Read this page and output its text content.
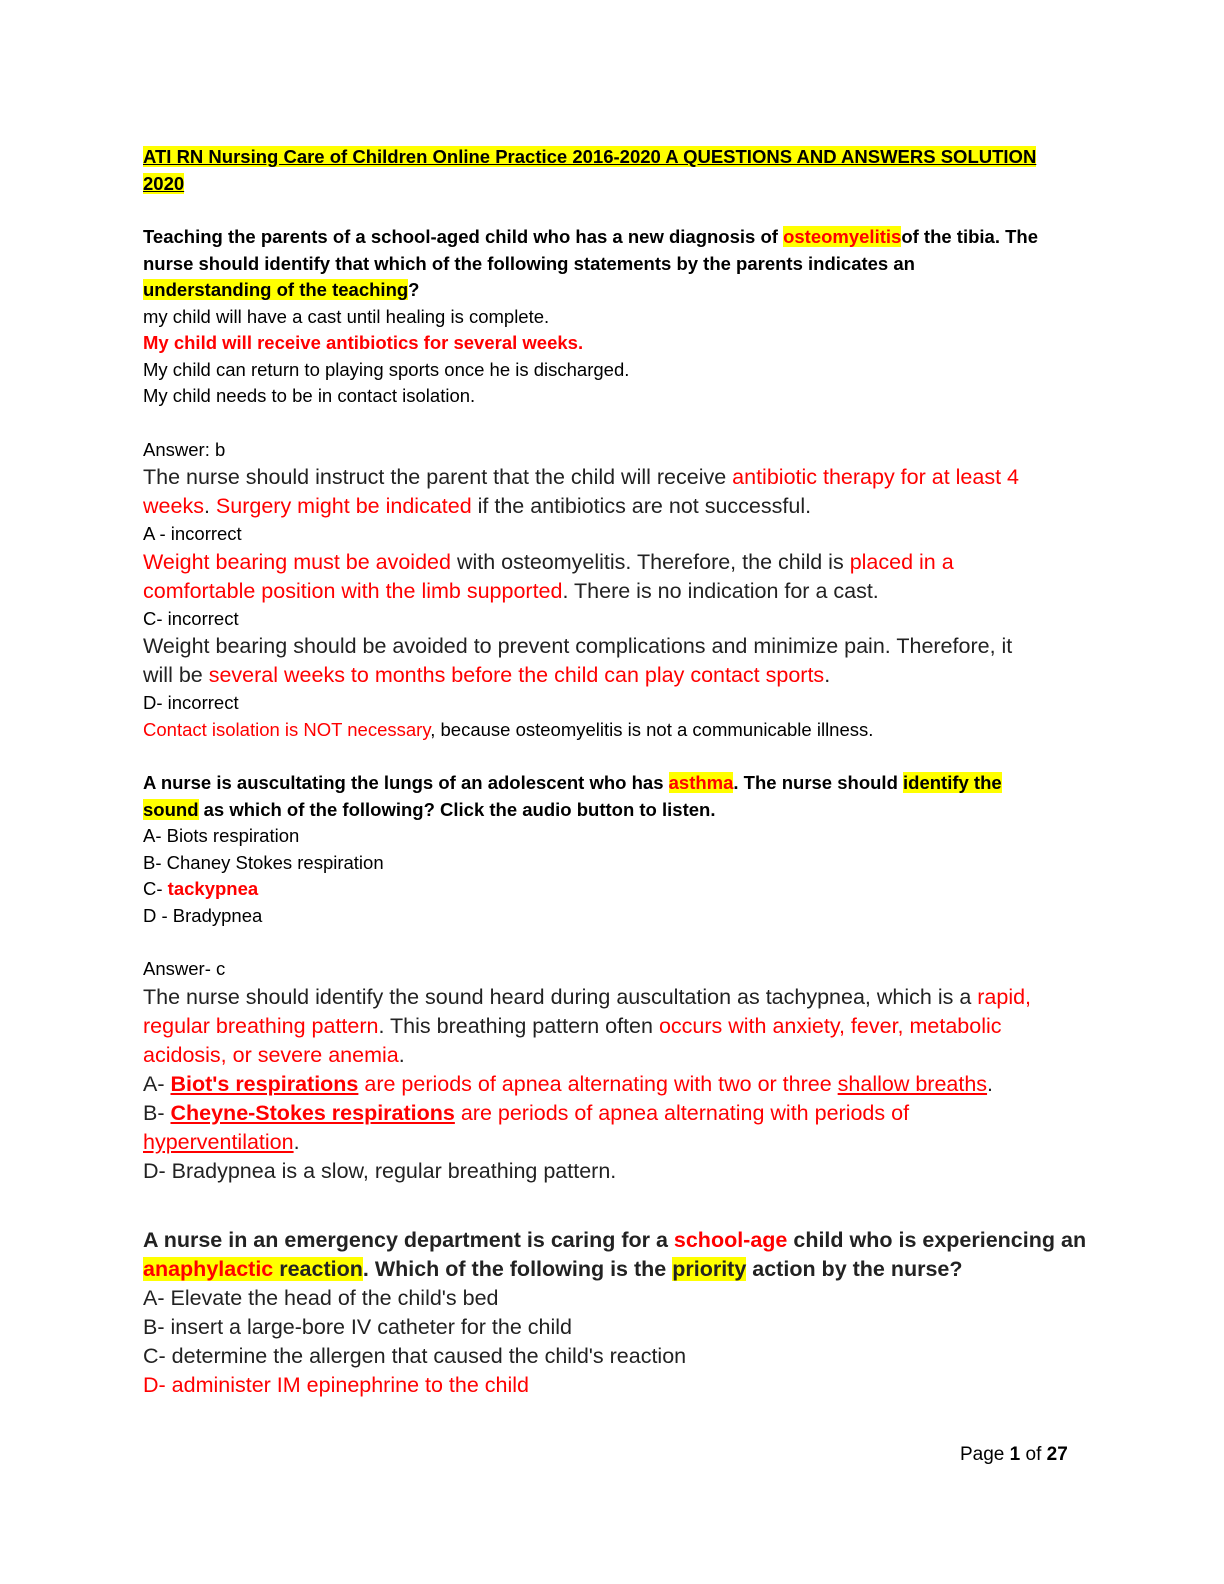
ATI RN Nursing Care of Children Online Practice 2016-2020 A QUESTIONS AND ANSWERS SOLUTION

2020

Teaching the parents of a school-aged child who has a new diagnosis of osteomyelitisof the tibia. The

nurse should identify that which of the following statements by the parents indicates an

understanding of the teaching?

my child will have a cast until healing is complete.

My child will receive antibiotics for several weeks.

My child can return to playing sports once he is discharged.

My child needs to be in contact isolation.

Answer: b

The nurse should instruct the parent that the child will receive antibiotic therapy for at least 4

weeks. Surgery might be indicated if the antibiotics are not successful.

A - incorrect

Weight bearing must be avoided with osteomyelitis. Therefore, the child is placed in a

comfortable position with the limb supported. There is no indication for a cast.

C- incorrect

Weight bearing should be avoided to prevent complications and minimize pain. Therefore, it

will be several weeks to months before the child can play contact sports.

D- incorrect

Contact isolation is NOT necessary, because osteomyelitis is not a communicable illness.

A nurse is auscultating the lungs of an adolescent who has asthma. The nurse should identify the

sound as which of the following? Click the audio button to listen.

A- Biots respiration

B- Chaney Stokes respiration

C- tackypnea

D - Bradypnea

Answer- c

The nurse should identify the sound heard during auscultation as tachypnea, which is a rapid,

regular breathing pattern. This breathing pattern often occurs with anxiety, fever, metabolic

acidosis, or severe anemia.

A- Biot's respirations are periods of apnea alternating with two or three shallow breaths.

B- Cheyne-Stokes respirations are periods of apnea alternating with periods of

hyperventilation.

D- Bradypnea is a slow, regular breathing pattern.

A nurse in an emergency department is caring for a school-age child who is experiencing an

anaphylactic reaction. Which of the following is the priority action by the nurse?

A- Elevate the head of the child's bed

B- insert a large-bore IV catheter for the child

C- determine the allergen that caused the child's reaction

D- administer IM epinephrine to the child

Page 1 of 27
